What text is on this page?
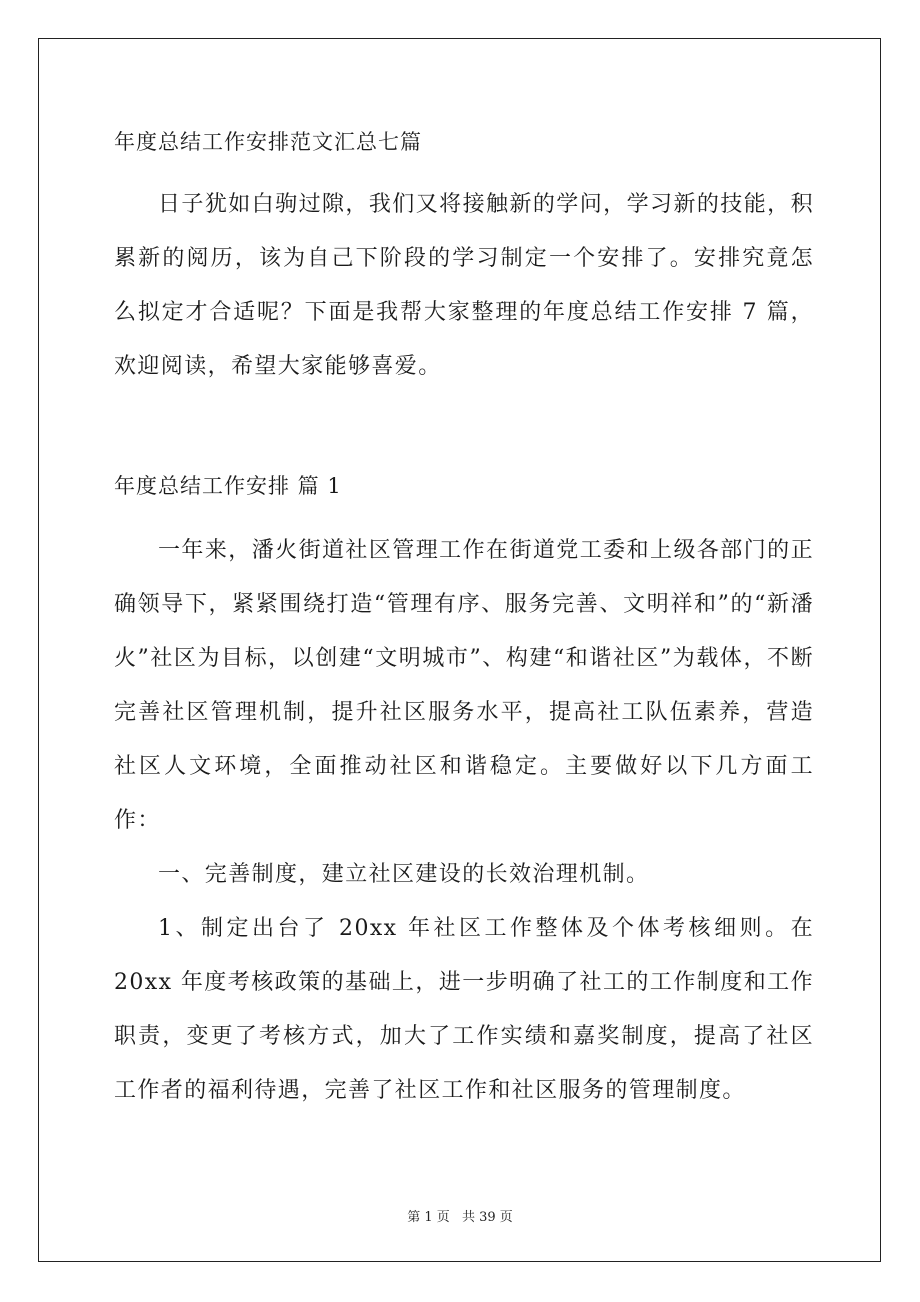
年度总结工作安排范文汇总七篇

日子犹如白驹过隙，我们又将接触新的学问，学习新的技能，积累新的阅历，该为自己下阶段的学习制定一个安排了。安排究竟怎么拟定才合适呢？下面是我帮大家整理的年度总结工作安排 7 篇，欢迎阅读，希望大家能够喜爱。

年度总结工作安排 篇 1

一年来，潘火街道社区管理工作在街道党工委和上级各部门的正确领导下，紧紧围绕打造“管理有序、服务完善、文明祥和”的“新潘火”社区为目标，以创建“文明城市”、构建“和谐社区”为载体，不断完善社区管理机制，提升社区服务水平，提高社工队伍素养，营造社区人文环境，全面推动社区和谐稳定。主要做好以下几方面工作：

一、完善制度，建立社区建设的长效治理机制。

1、制定出台了 20xx 年社区工作整体及个体考核细则。在 20xx 年度考核政策的基础上，进一步明确了社工的工作制度和工作职责，变更了考核方式，加大了工作实绩和嘉奖制度，提高了社区工作者的福利待遇，完善了社区工作和社区服务的管理制度。

第 1 页 共 39 页
